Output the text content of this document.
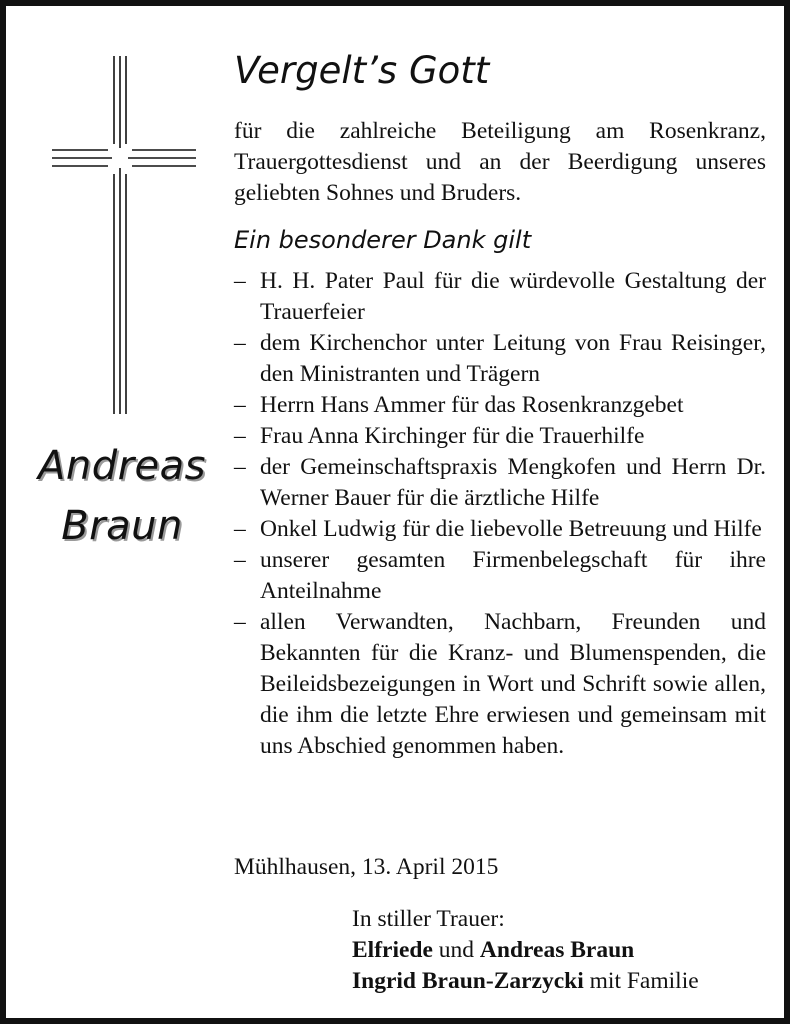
Andreas
Braun
Vergelt’s Gott
für die zahlreiche Beteiligung am Rosenkranz, Trauergottesdienst und an der Beerdigung unseres geliebten Sohnes und Bruders.
Ein besonderer Dank gilt
– H. H. Pater Paul für die würdevolle Gestaltung der Trauerfeier
– dem Kirchenchor unter Leitung von Frau Reisinger, den Ministranten und Trägern
– Herrn Hans Ammer für das Rosenkranzgebet
– Frau Anna Kirchinger für die Trauerhilfe
– der Gemeinschaftspraxis Mengkofen und Herrn Dr. Werner Bauer für die ärztliche Hilfe
– Onkel Ludwig für die liebevolle Betreuung und Hilfe
– unserer gesamten Firmenbelegschaft für ihre Anteilnahme
– allen Verwandten, Nachbarn, Freunden und Bekannten für die Kranz- und Blumenspenden, die Beileidsbezeigungen in Wort und Schrift sowie allen, die ihm die letzte Ehre erwiesen und gemeinsam mit uns Abschied genommen haben.
Mühlhausen, 13. April 2015
In stiller Trauer:
Elfriede und Andreas Braun
Ingrid Braun-Zarzycki mit Familie
